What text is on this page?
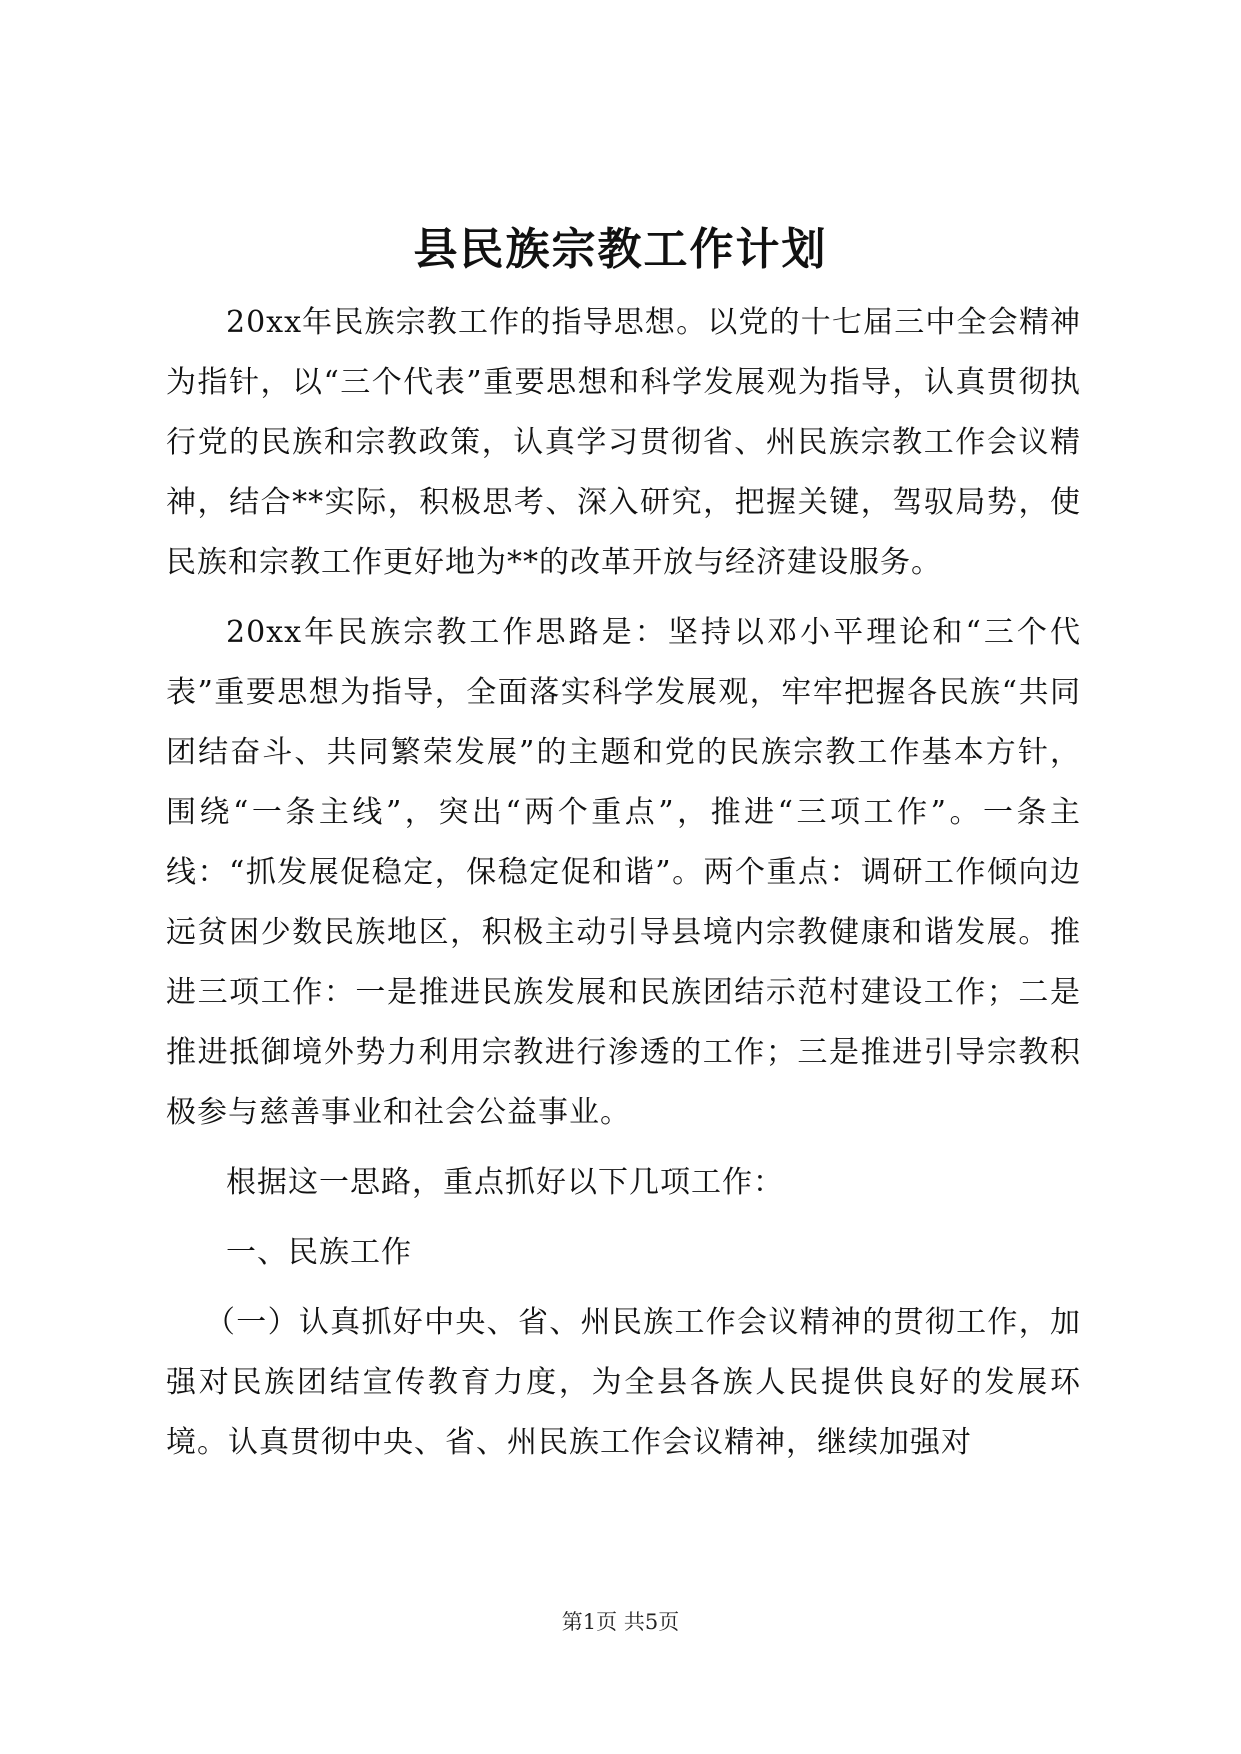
县民族宗教工作计划

20xx年民族宗教工作的指导思想。以党的十七届三中全会精神为指针，以“三个代表”重要思想和科学发展观为指导，认真贯彻执行党的民族和宗教政策，认真学习贯彻省、州民族宗教工作会议精神，结合**实际，积极思考、深入研究，把握关键，驾驭局势，使民族和宗教工作更好地为**的改革开放与经济建设服务。

20xx年民族宗教工作思路是：坚持以邓小平理论和“三个代表”重要思想为指导，全面落实科学发展观，牢牢把握各民族“共同团结奋斗、共同繁荣发展”的主题和党的民族宗教工作基本方针，围绕“一条主线”，突出“两个重点”，推进“三项工作”。一条主线：“抓发展促稳定，保稳定促和谐”。两个重点：调研工作倾向边远贫困少数民族地区，积极主动引导县境内宗教健康和谐发展。推进三项工作：一是推进民族发展和民族团结示范村建设工作；二是推进抵御境外势力利用宗教进行渗透的工作；三是推进引导宗教积极参与慈善事业和社会公益事业。

根据这一思路，重点抓好以下几项工作：

一、民族工作

（一）认真抓好中央、省、州民族工作会议精神的贯彻工作，加强对民族团结宣传教育力度，为全县各族人民提供良好的发展环境。认真贯彻中央、省、州民族工作会议精神，继续加强对

第1页 共5页
